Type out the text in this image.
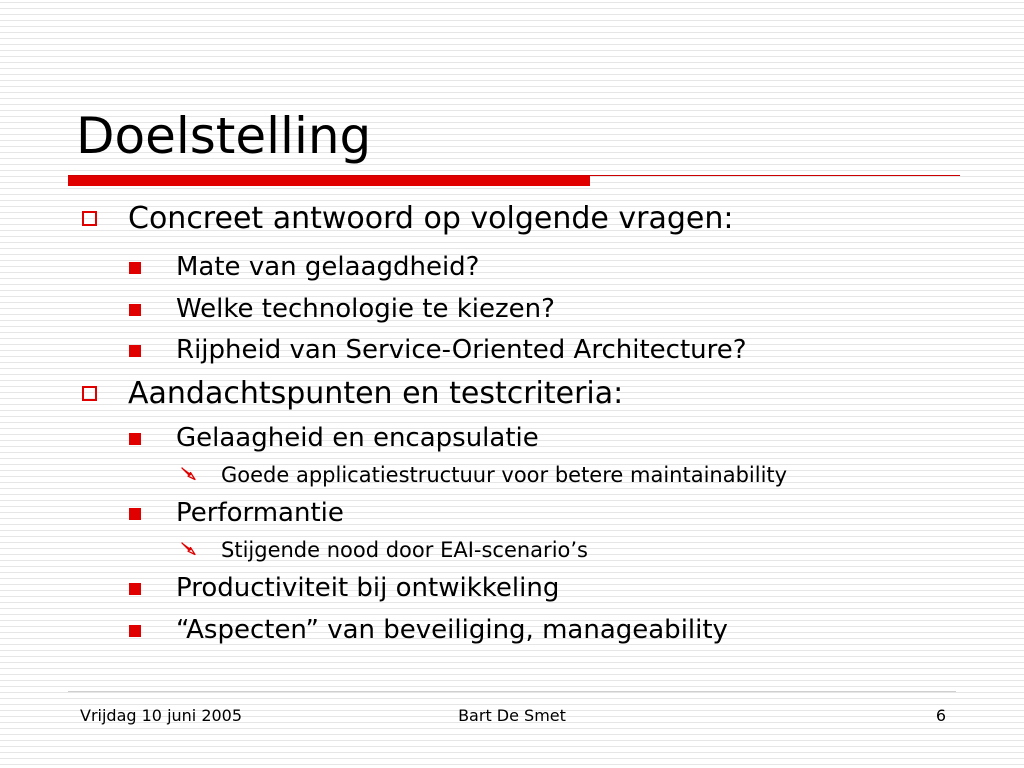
Doelstelling
Concreet antwoord op volgende vragen:
Mate van gelaagdheid?
Welke technologie te kiezen?
Rijpheid van Service-Oriented Architecture?
Aandachtspunten en testcriteria:
Gelaagheid en encapsulatie
Goede applicatiestructuur voor betere maintainability
Performantie
Stijgende nood door EAI-scenario’s
Productiviteit bij ontwikkeling
“Aspecten” van beveiliging, manageability
Vrijdag 10 juni 2005	Bart De Smet	6
